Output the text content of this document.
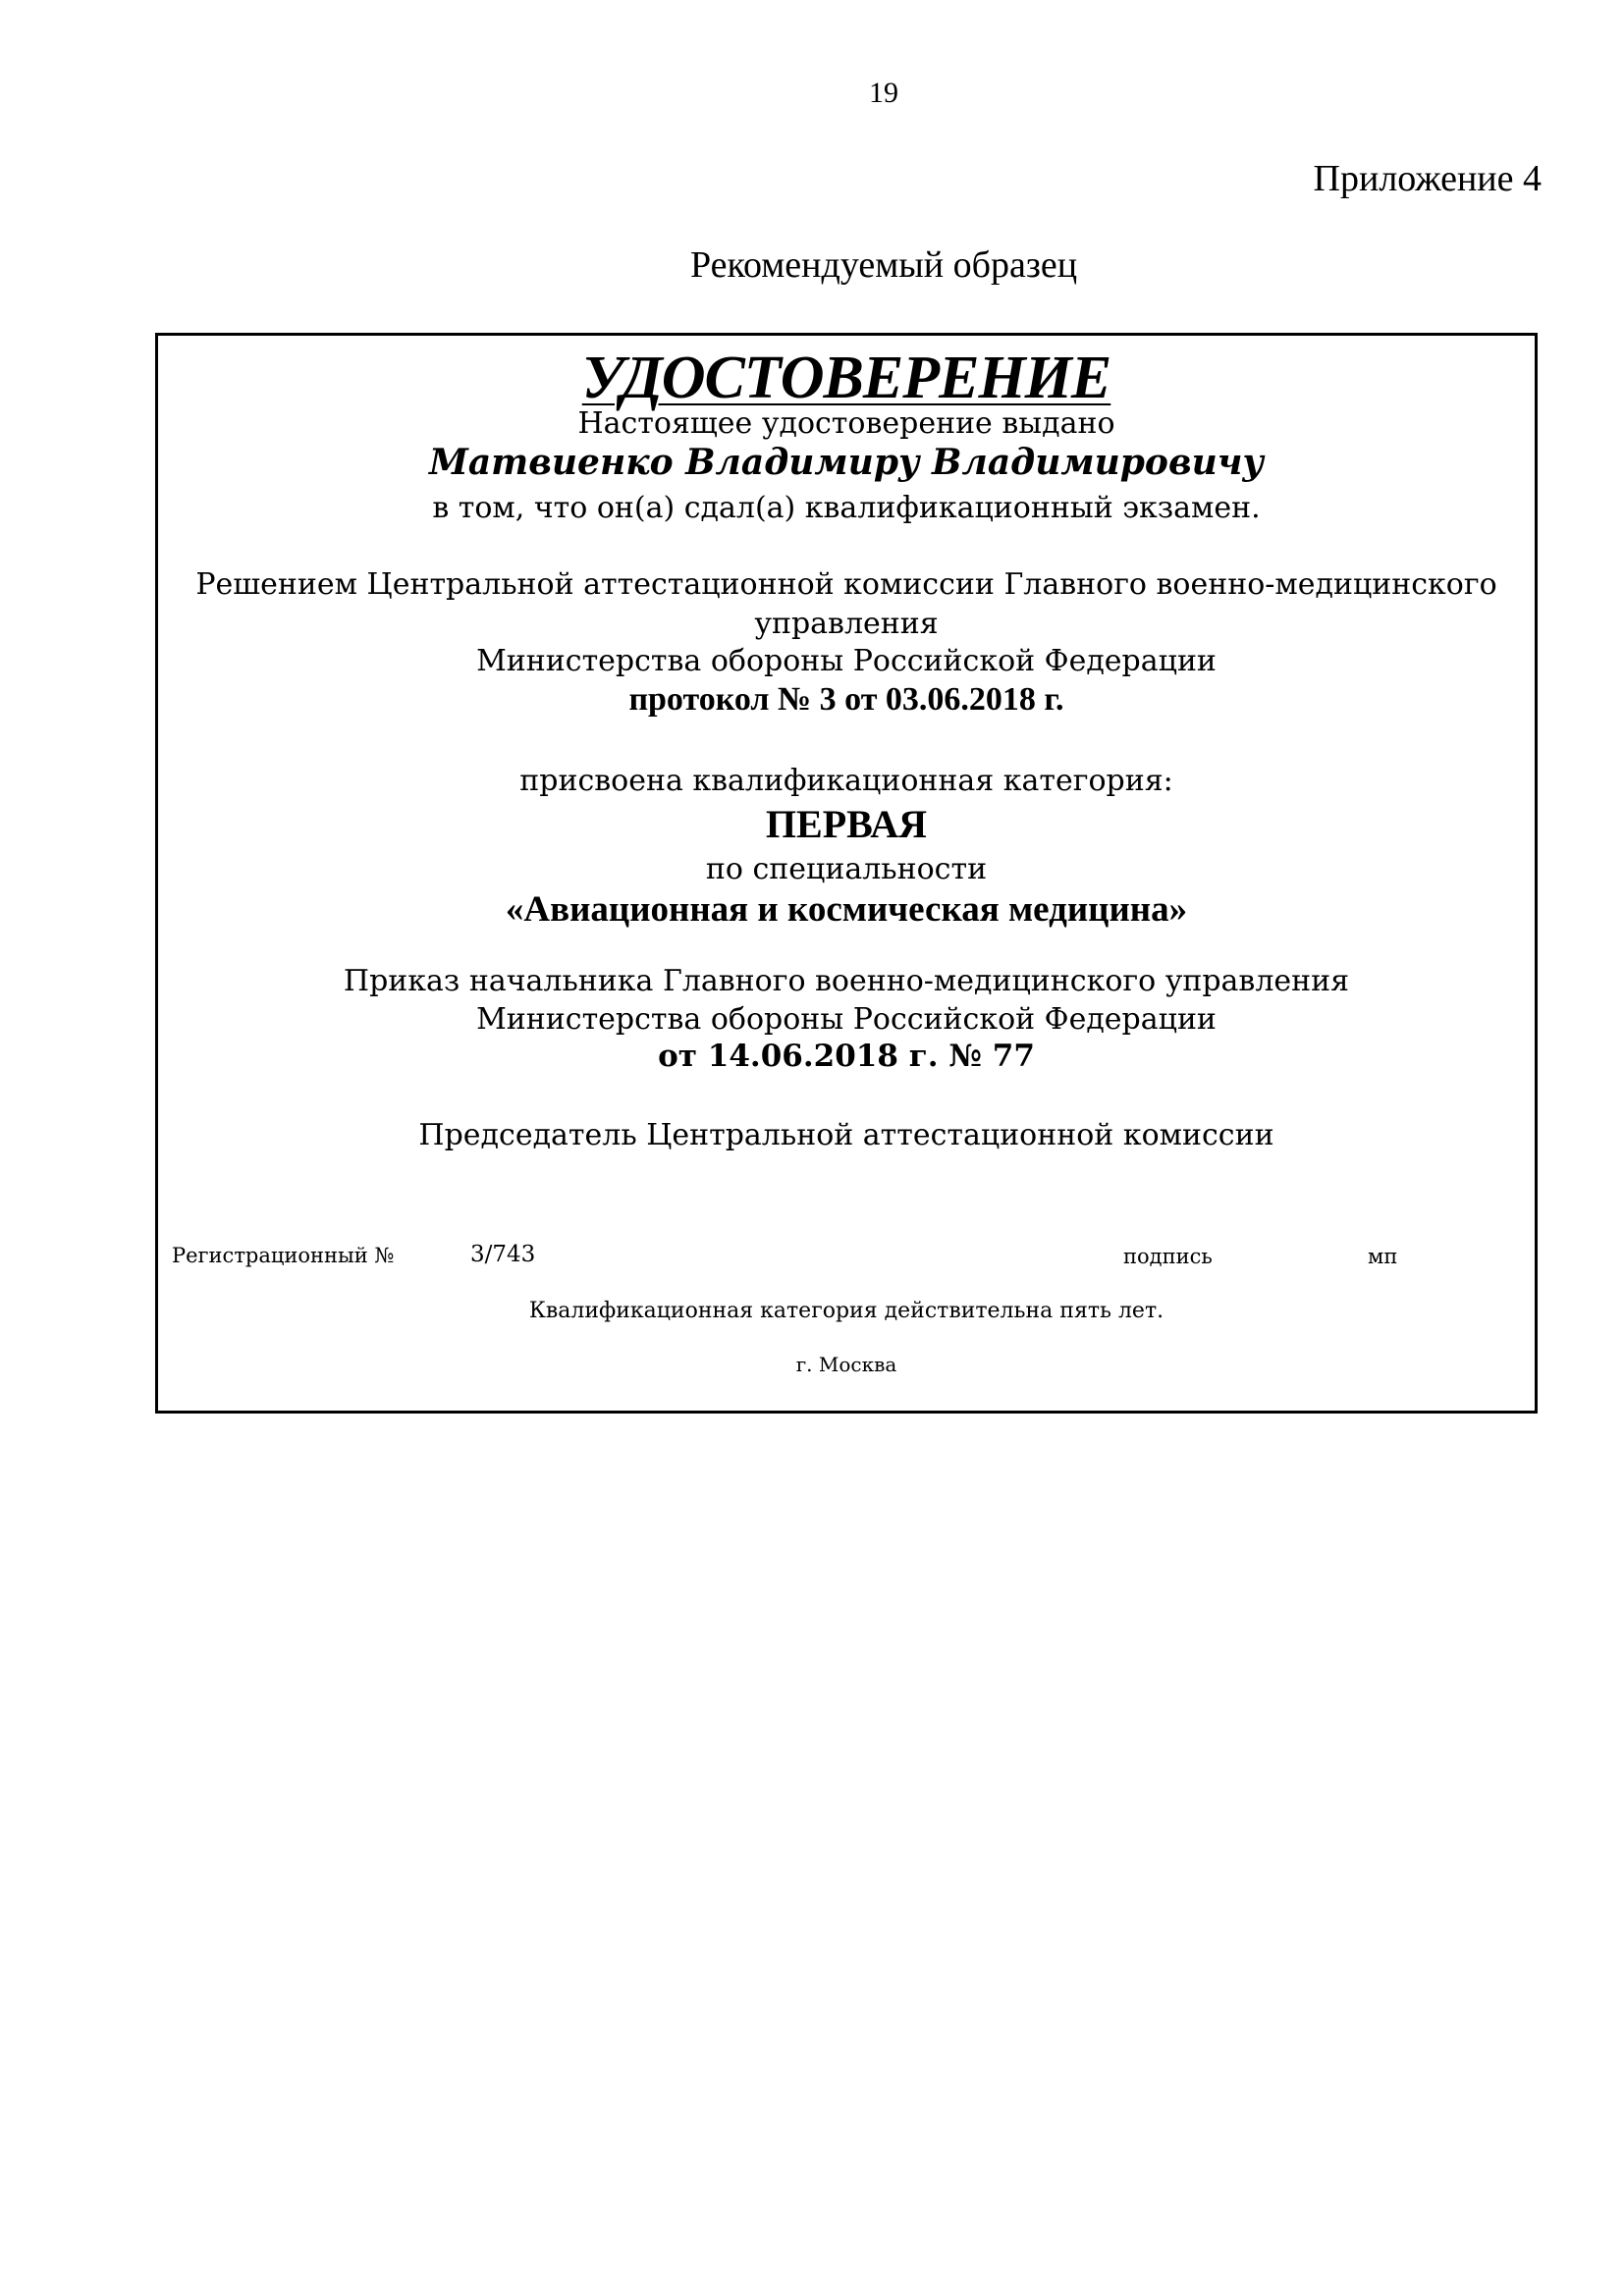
19
Приложение 4
Рекомендуемый образец
УДОСТОВЕРЕНИЕ
Настоящее удостоверение выдано
Матвиенко Владимиру Владимировичу
в том, что он(а) сдал(а) квалификационный экзамен.
Решением Центральной аттестационной комиссии Главного военно-медицинского
управления
Министерства обороны Российской Федерации
протокол № 3 от 03.06.2018 г.
присвоена квалификационная категория:
ПЕРВАЯ
по специальности
«Авиационная и космическая медицина»
Приказ начальника Главного военно-медицинского управления
Министерства обороны Российской Федерации
от 14.06.2018 г. № 77
Председатель Центральной аттестационной комиссии
Регистрационный №	3/743	подпись	мп
Квалификационная категория действительна пять лет.
г. Москва
